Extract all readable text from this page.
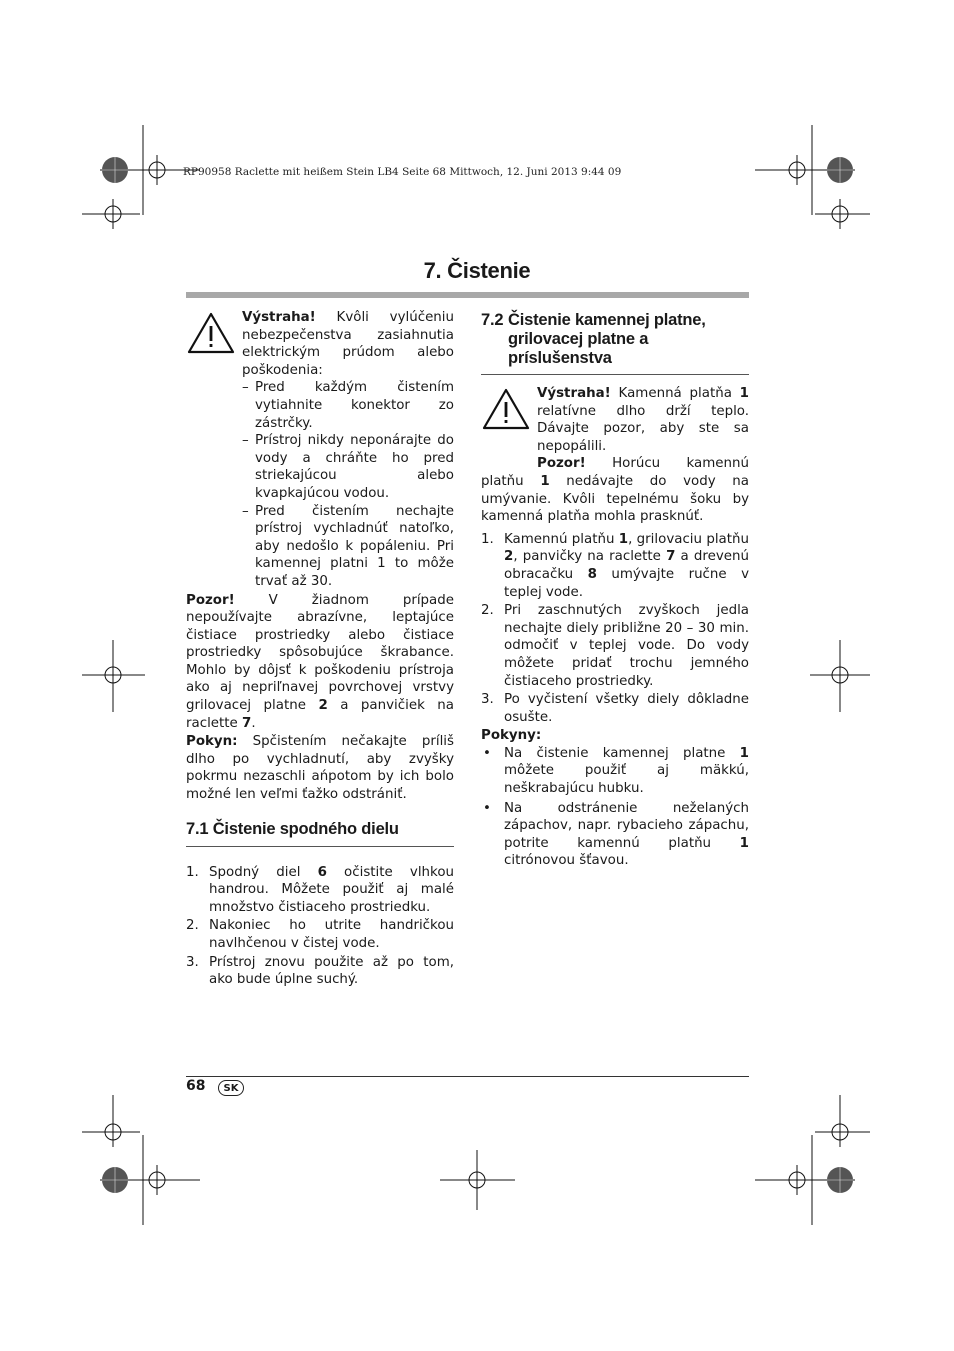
RP90958 Raclette mit heißem Stein LB4 Seite 68 Mittwoch, 12. Juni 2013 9:44 09
7. Čistenie

Výstraha! Kvôli vylúčeniu nebezpečenstva zasiahnutia elektrickým prúdom alebo poškodenia:

– Pred každým čistením vytiahnite konektor zo zástrčky.
– Prístroj nikdy neponárajte do vody a chráňte ho pred striekajúcou alebo kvapkajúcou vodou.
– Pred čistením nechajte prístroj vychladnúť natoľko, aby nedošlo k popáleniu. Pri kamennej platni 1 to môže trvať až 30.

Pozor! V žiadnom prípade nepoužívajte abrazívne, leptajúce čistiace prostriedky alebo čistiace prostriedky spôsobujúce škrabance. Mohlo by dôjsť k poškodeniu prístroja ako aj nepriľnavej povrchovej vrstvy grilovacej platne 2 a panvičiek na raclette 7.

Pokyn: Spčistením nečakajte príliš dlho po vychladnutí, aby zvyšky pokrmu nezaschli ańpotom by ich bolo možné len veľmi ťažko odstrániť.

7.1 Čistenie spodného dielu
1. Spodný diel 6 očistite vlhkou handrou. Môžete použiť aj malé množstvo čistiaceho prostriedku.
2. Nakoniec ho utrite handričkou navlhčenou v čistej vode.
3. Prístroj znovu použite až po tom, ako bude úplne suchý.
7.2 Čistenie kamennej platne, grilovacej platne a príslušenstva

Výstraha! Kamenná platňa 1 relatívne dlho drží teplo. Dávajte pozor, aby ste sa nepopálili.

Pozor! Horúcu kamennú platňu 1 nedávajte do vody na umývanie. Kvôli tepelnému šoku by kamenná platňa mohla prasknúť.

1. Kamennú platňu 1, grilovaciu platňu 2, panvičky na raclette 7 a drevenú obracačku 8 umývajte ručne v teplej vode.
2. Pri zaschnutých zvyškoch jedla nechajte diely približne 20 – 30 min. odmočiť v teplej vode. Do vody môžete pridať trochu jemného čistiaceho prostriedky.
3. Po vyčistení všetky diely dôkladne osušte.

Pokyny:

• Na čistenie kamennej platne 1 môžete použiť aj mäkkú, neškrabajúcu hubku.
• Na odstránenie neželaných zápachov, napr. rybacieho zápachu, potrite kamennú platňu 1 citrónovou šťavou.
68	SK
